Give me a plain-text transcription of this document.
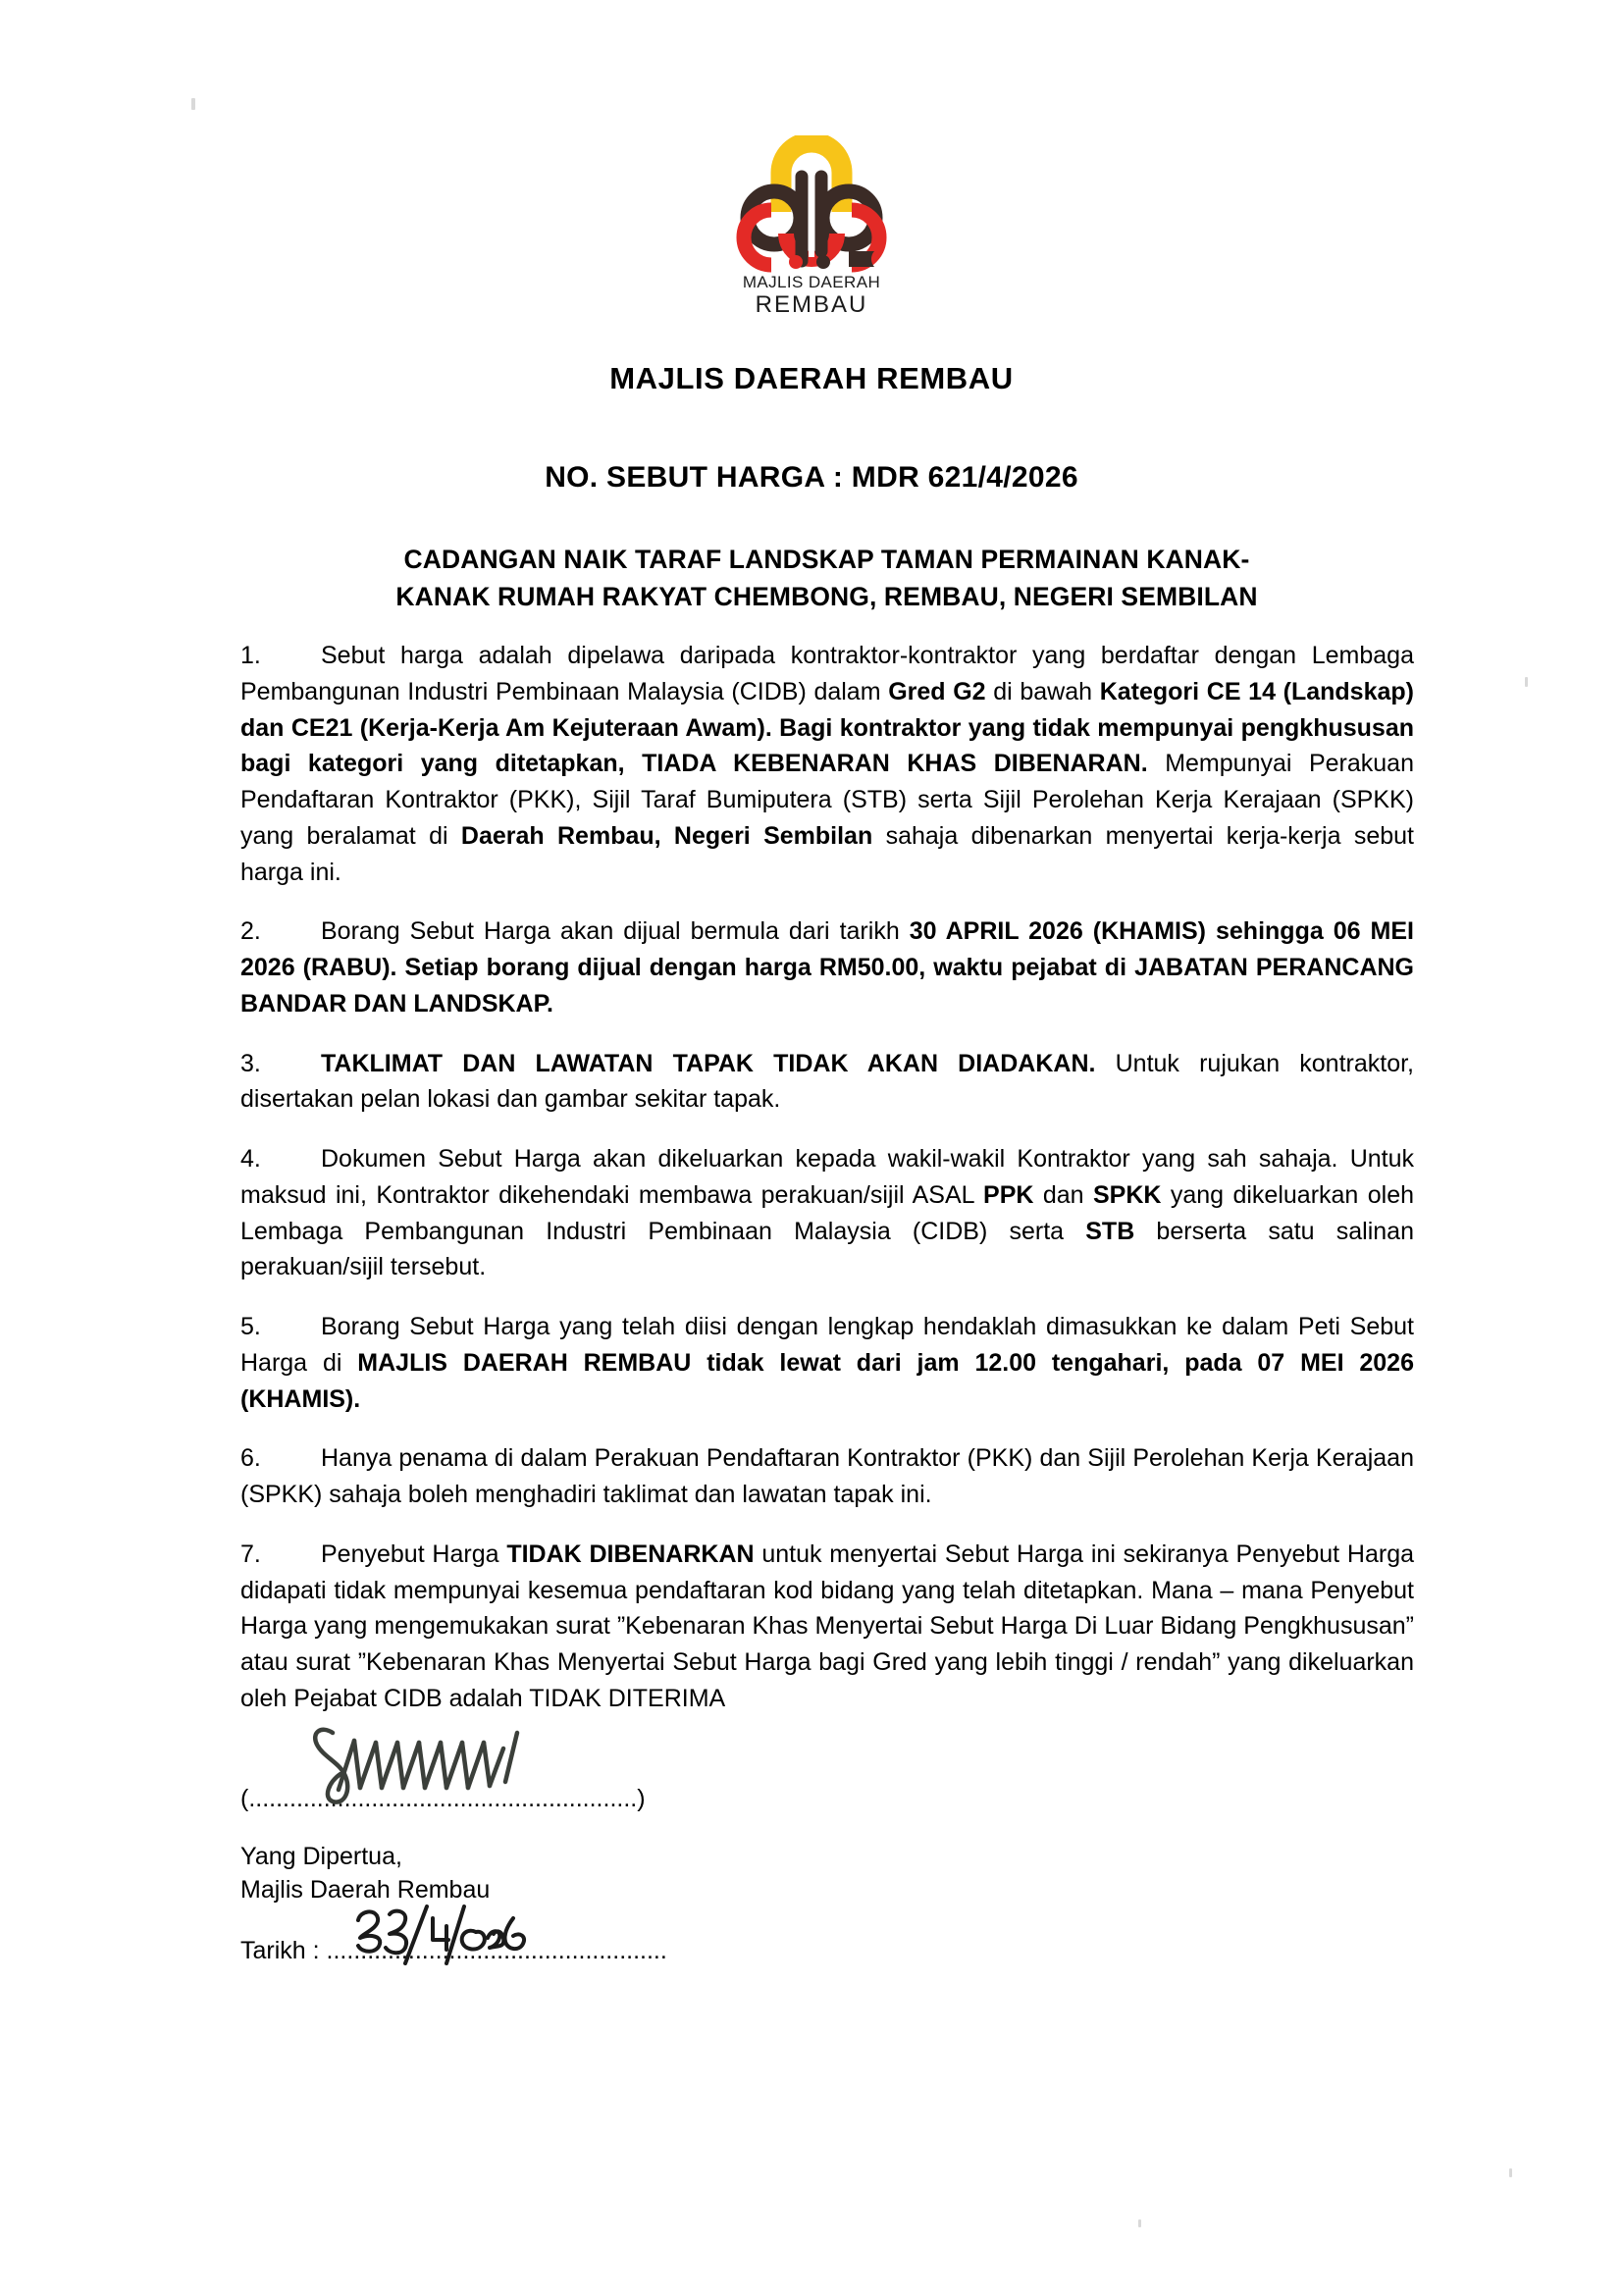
MAJLIS DAERAH
REMBAU
MAJLIS DAERAH REMBAU
NO. SEBUT HARGA : MDR 621/4/2026
CADANGAN NAIK TARAF LANDSKAP TAMAN PERMAINAN KANAK-
KANAK RUMAH RAKYAT CHEMBONG, REMBAU, NEGERI SEMBILAN

1. Sebut harga adalah dipelawa daripada kontraktor-kontraktor yang berdaftar dengan Lembaga Pembangunan Industri Pembinaan Malaysia (CIDB) dalam Gred G2 di bawah Kategori CE 14 (Landskap) dan CE21 (Kerja-Kerja Am Kejuteraan Awam). Bagi kontraktor yang tidak mempunyai pengkhususan bagi kategori yang ditetapkan, TIADA KEBENARAN KHAS DIBENARAN. Mempunyai Perakuan Pendaftaran Kontraktor (PKK), Sijil Taraf Bumiputera (STB) serta Sijil Perolehan Kerja Kerajaan (SPKK) yang beralamat di Daerah Rembau, Negeri Sembilan sahaja dibenarkan menyertai kerja-kerja sebut harga ini.

2. Borang Sebut Harga akan dijual bermula dari tarikh 30 APRIL 2026 (KHAMIS) sehingga 06 MEI 2026 (RABU). Setiap borang dijual dengan harga RM50.00, waktu pejabat di JABATAN PERANCANG BANDAR DAN LANDSKAP.

3. TAKLIMAT DAN LAWATAN TAPAK TIDAK AKAN DIADAKAN. Untuk rujukan kontraktor, disertakan pelan lokasi dan gambar sekitar tapak.

4. Dokumen Sebut Harga akan dikeluarkan kepada wakil-wakil Kontraktor yang sah sahaja. Untuk maksud ini, Kontraktor dikehendaki membawa perakuan/sijil ASAL PPK dan SPKK yang dikeluarkan oleh Lembaga Pembangunan Industri Pembinaan Malaysia (CIDB) serta STB berserta satu salinan perakuan/sijil tersebut.

5. Borang Sebut Harga yang telah diisi dengan lengkap hendaklah dimasukkan ke dalam Peti Sebut Harga di MAJLIS DAERAH REMBAU tidak lewat dari jam 12.00 tengahari, pada 07 MEI 2026 (KHAMIS).

6. Hanya penama di dalam Perakuan Pendaftaran Kontraktor (PKK) dan Sijil Perolehan Kerja Kerajaan (SPKK) sahaja boleh menghadiri taklimat dan lawatan tapak ini.

7. Penyebut Harga TIDAK DIBENARKAN untuk menyertai Sebut Harga ini sekiranya Penyebut Harga didapati tidak mempunyai kesemua pendaftaran kod bidang yang telah ditetapkan. Mana – mana Penyebut Harga yang mengemukakan surat ”Kebenaran Khas Menyertai Sebut Harga Di Luar Bidang Pengkhususan” atau surat ”Kebenaran Khas Menyertai Sebut Harga bagi Gred yang lebih tinggi / rendah” yang dikeluarkan oleh Pejabat CIDB adalah TIDAK DITERIMA

(.........................................................)
Yang Dipertua,
Majlis Daerah Rembau
Tarikh : ..................................................
